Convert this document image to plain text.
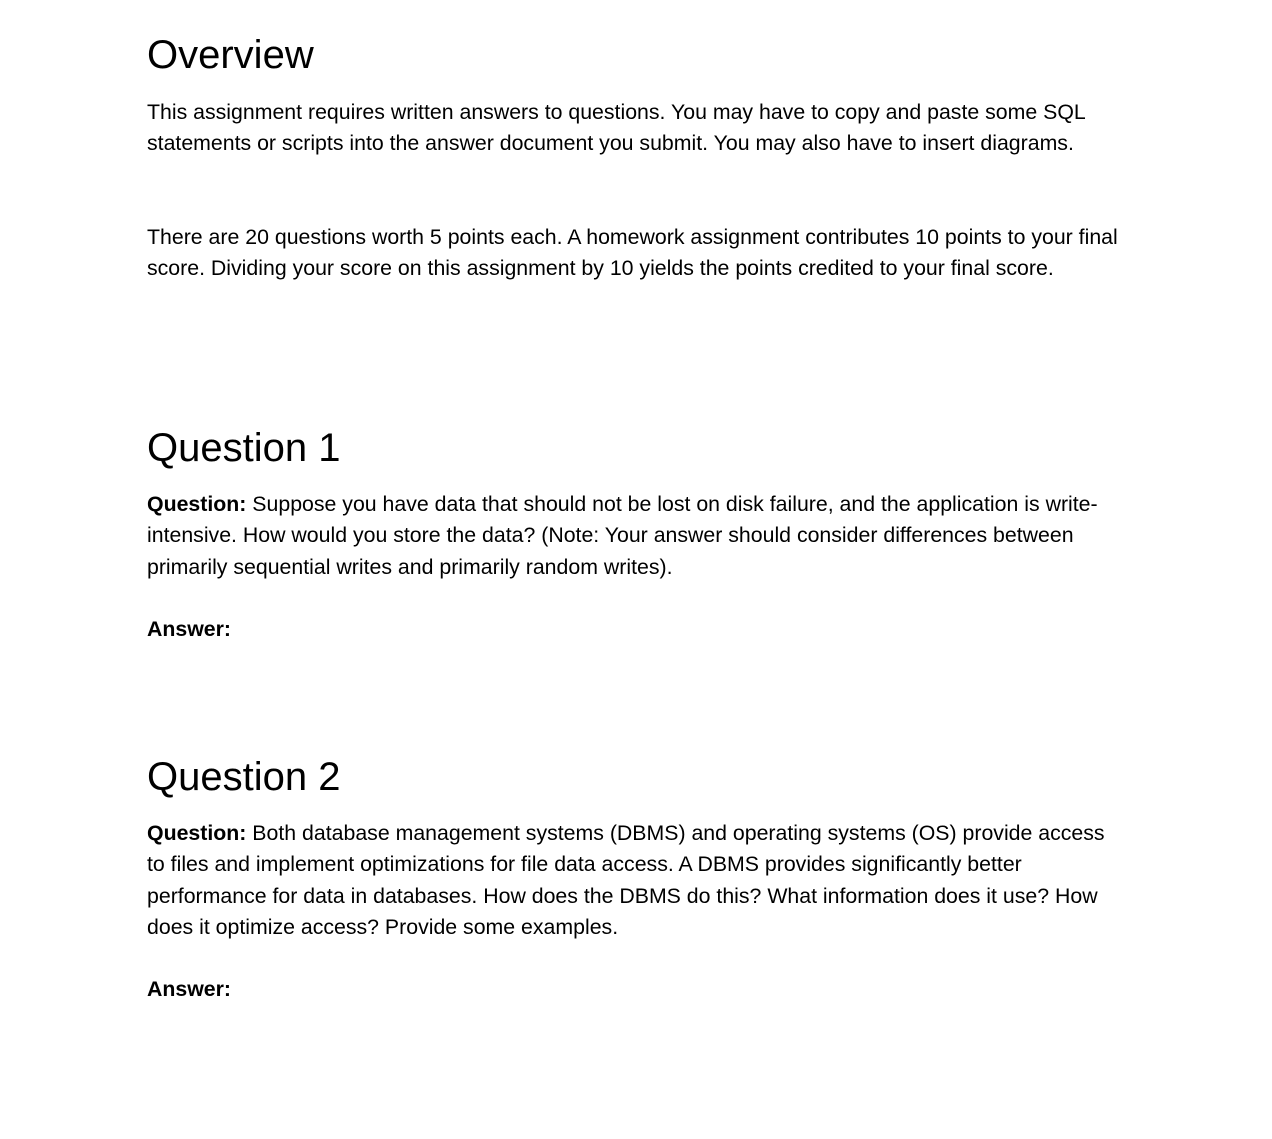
Overview

This assignment requires written answers to questions. You may have to copy and paste some SQL statements or scripts into the answer document you submit. You may also have to insert diagrams.

There are 20 questions worth 5 points each. A homework assignment contributes 10 points to your final score. Dividing your score on this assignment by 10 yields the points credited to your final score.

Question 1

Question: Suppose you have data that should not be lost on disk failure, and the application is write-intensive. How would you store the data? (Note: Your answer should consider differences between primarily sequential writes and primarily random writes).

Answer:

Question 2

Question: Both database management systems (DBMS) and operating systems (OS) provide access to files and implement optimizations for file data access. A DBMS provides significantly better performance for data in databases. How does the DBMS do this? What information does it use? How does it optimize access? Provide some examples.

Answer:
